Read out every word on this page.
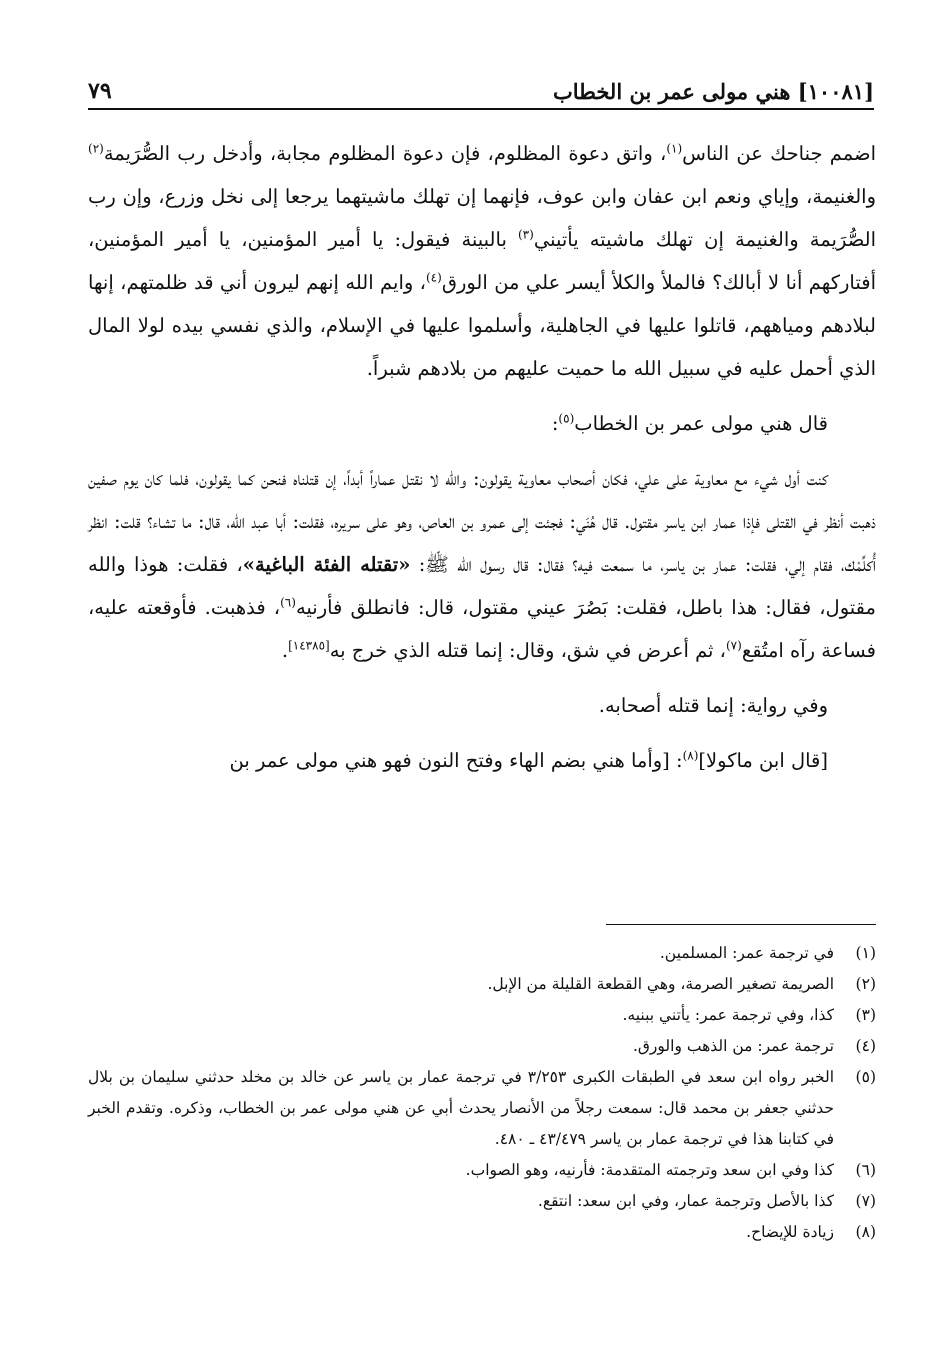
[١٠٠٨١] هني مولى عمر بن الخطاب
٧٩

اضمم جناحك عن الناس$^{(١)}$، واتق دعوة المظلوم، فإن دعوة المظلوم مجابة، وأدخل رب الصُّرَيمة$^{(٢)}$ والغنيمة، وإياي ونعم ابن عفان وابن عوف، فإنهما إن تهلك ماشيتهما يرجعا إلى نخل وزرع، وإن رب الصُّرَيمة والغنيمة إن تهلك ماشيته يأتيني$^{(٣)}$ بالبينة فيقول: يا أمير المؤمنين، يا أمير المؤمنين، أفتاركهم أنا لا أبالك؟ فالملأ والكلأ أيسر علي من الورق$^{(٤)}$، وايم الله إنهم ليرون أني قد ظلمتهم، إنها لبلادهم ومياههم، قاتلوا عليها في الجاهلية، وأسلموا عليها في الإسلام، والذي نفسي بيده لولا المال الذي أحمل عليه في سبيل الله ما حميت عليهم من بلادهم شبراً.

قال هني مولى عمر بن الخطاب$^{(٥)}$:

كنت أول شيء مع معاوية على علي، فكان أصحاب معاوية يقولون: والله لا نقتل عماراً أبداً، إن قتلناه فنحن كما يقولون، فلما كان يوم صفين ذهبت أنظر في القتلى فإذا عمار ابن ياسر مقتول. قال هُنَي: فجئت إلى عمرو بن العاص، وهو على سريره، فقلت: أبا عبد الله، قال: ما تشاء؟ قلت: انظر أُكلِّمْك، فقام إلي، فقلت: عمار بن ياسر، ما سمعت فيه؟ فقال: قال رسول الله ﷺ: «تقتله الفئة الباغية»، فقلت: هوذا والله مقتول، فقال: هذا باطل، فقلت: بَصُرَ عيني مقتول، قال: فانطلق فأرنيه$^{(٦)}$، فذهبت. فأوقعته عليه، فساعة رآه امتُقع$^{(٧)}$، ثم أعرض في شق، وقال: إنما قتله الذي خرج به[١٤٣٨٥].

وفي رواية: إنما قتله أصحابه.

[قال ابن ماكولا]$^{(٨)}$: [وأما هني بضم الهاء وفتح النون فهو هني مولى عمر بن

(١)
في ترجمة عمر: المسلمين.
(٢)
الصريمة تصغير الصرمة، وهي القطعة القليلة من الإبل.
(٣)
كذا، وفي ترجمة عمر: يأتني ببنيه.
(٤)
ترجمة عمر: من الذهب والورق.
(٥)
الخبر رواه ابن سعد في الطبقات الكبرى ٣/٢٥٣ في ترجمة عمار بن ياسر عن خالد بن مخلد حدثني سليمان بن بلال حدثني جعفر بن محمد قال: سمعت رجلاً من الأنصار يحدث أبي عن هني مولى عمر بن الخطاب، وذكره. وتقدم الخبر في كتابنا هذا في ترجمة عمار بن ياسر ٤٣/٤٧٩ ـ ٤٨٠.
(٦)
كذا وفي ابن سعد وترجمته المتقدمة: فأرنيه، وهو الصواب.
(٧)
كذا بالأصل وترجمة عمار، وفي ابن سعد: انتقع.
(٨)
زيادة للإيضاح.
